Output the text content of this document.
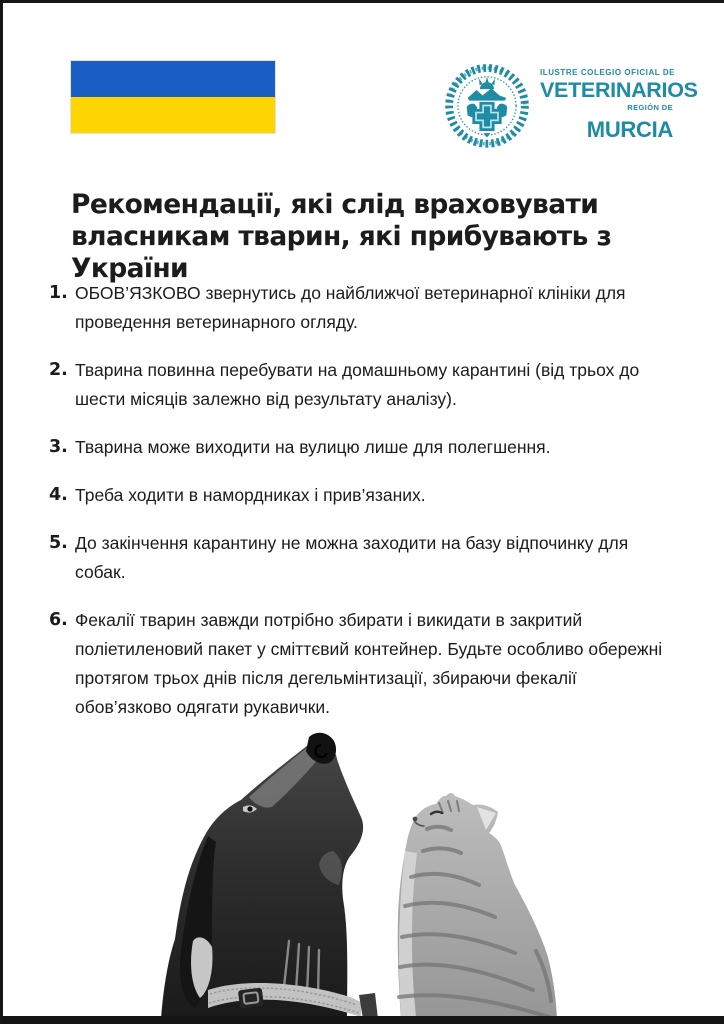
ILUSTRE COLEGIO OFICIAL DE
VETERINARIOS
$^{REGIÓN DE}$ MURCIA
Рекомендації, які слід враховувати
власникам тварин, які прибувають з України
1. ОБОВ’ЯЗКОВО звернутись до найближчої ветеринарної клініки для проведення ветеринарного огляду.
2. Тварина повинна перебувати на домашньому карантині (від трьох до шести місяців залежно від результату аналізу).
3. Тварина може виходити на вулицю лише для полегшення.
4. Треба ходити в намордниках і прив’язаних.
5. До закінчення карантину не можна заходити на базу відпочинку для собак.
6. Фекалії тварин завжди потрібно збирати і викидати в закритий поліетиленовий пакет у сміттєвий контейнер. Будьте особливо обережні протягом трьох днів після дегельмінтизації, збираючи фекалії обов’язково одягати рукавички.
